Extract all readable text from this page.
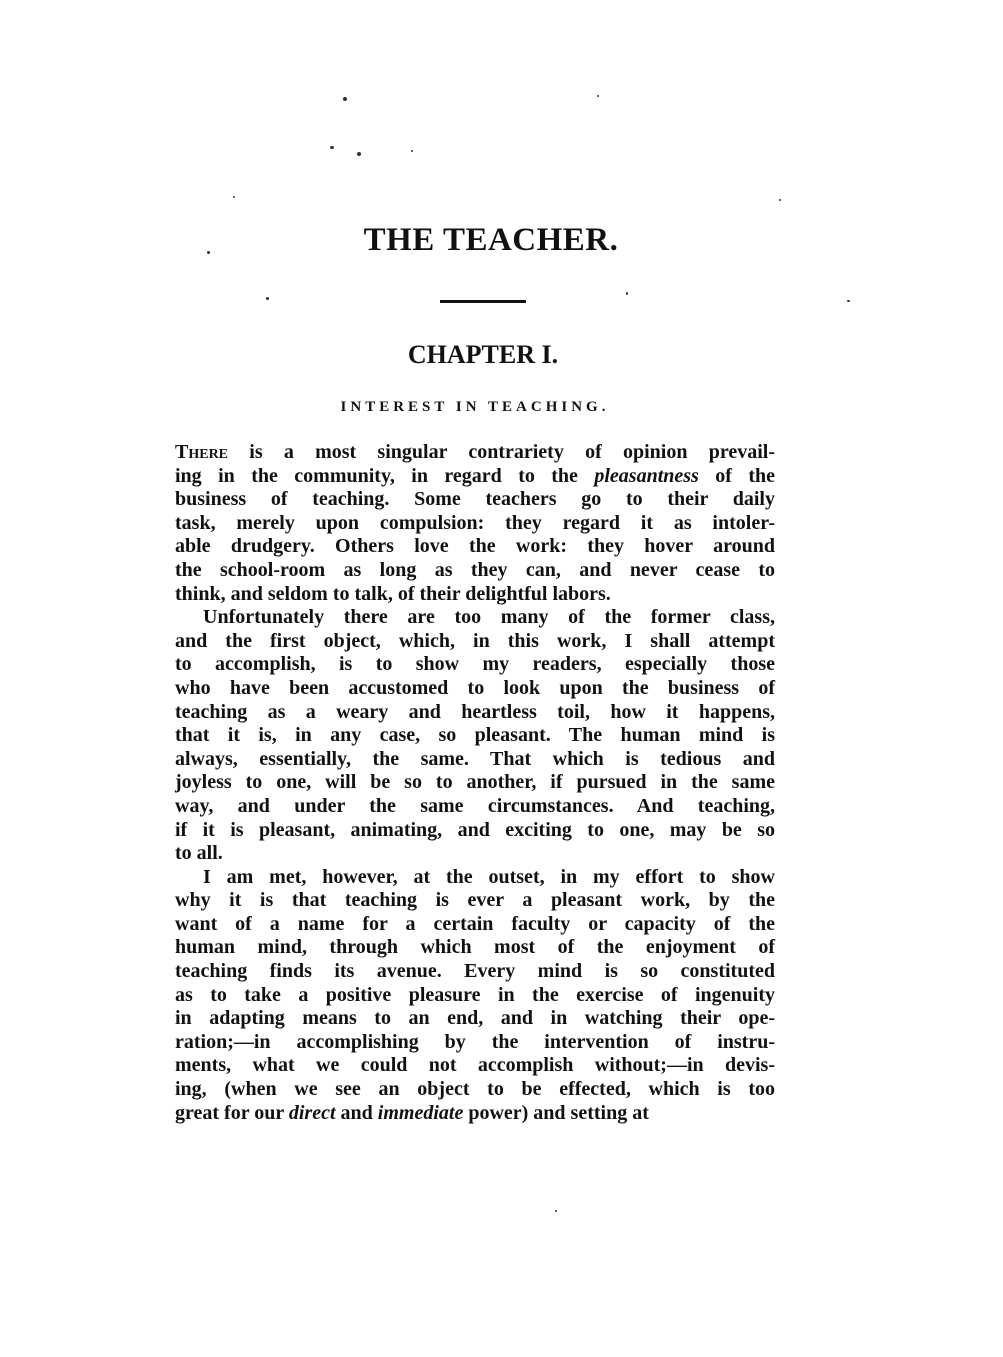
THE TEACHER.
CHAPTER I.
INTEREST IN TEACHING.
There is a most singular contrariety of opinion prevail-
ing in the community, in regard to the pleasantness of the
business of teaching. Some teachers go to their daily
task, merely upon compulsion: they regard it as intoler-
able drudgery. Others love the work: they hover around
the school-room as long as they can, and never cease to
think, and seldom to talk, of their delightful labors.
Unfortunately there are too many of the former class,
and the first object, which, in this work, I shall attempt
to accomplish, is to show my readers, especially those
who have been accustomed to look upon the business of
teaching as a weary and heartless toil, how it happens,
that it is, in any case, so pleasant. The human mind is
always, essentially, the same. That which is tedious and
joyless to one, will be so to another, if pursued in the same
way, and under the same circumstances. And teaching,
if it is pleasant, animating, and exciting to one, may be so
to all.
I am met, however, at the outset, in my effort to show
why it is that teaching is ever a pleasant work, by the
want of a name for a certain faculty or capacity of the
human mind, through which most of the enjoyment of
teaching finds its avenue. Every mind is so constituted
as to take a positive pleasure in the exercise of ingenuity
in adapting means to an end, and in watching their ope-
ration;—in accomplishing by the intervention of instru-
ments, what we could not accomplish without;—in devis-
ing, (when we see an object to be effected, which is too
great for our direct and immediate power) and setting at
